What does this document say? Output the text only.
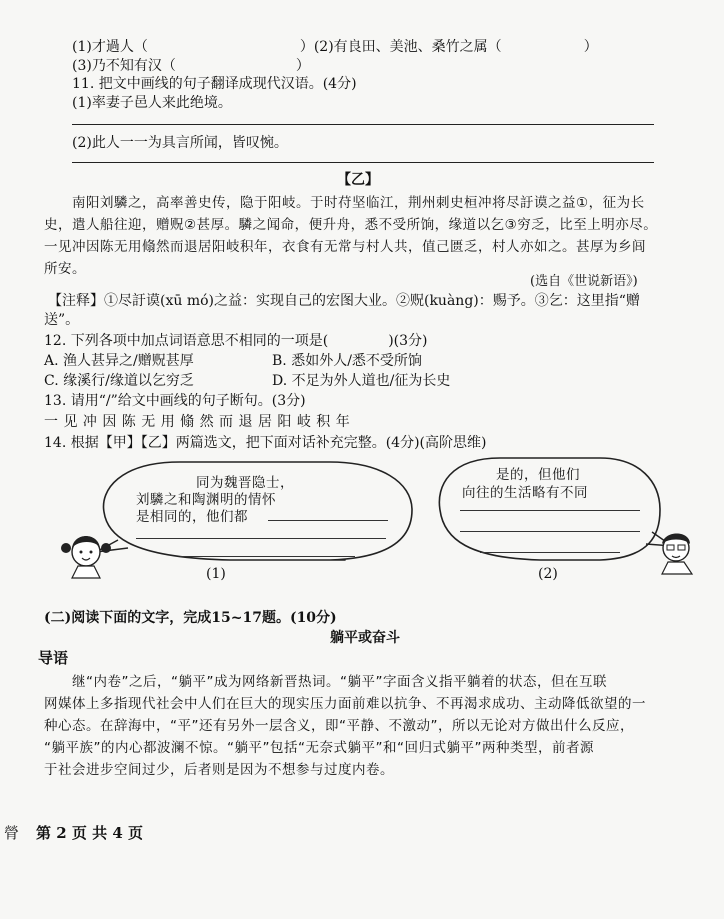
(1)才過人（	）(2)有良田、美池、桑竹之属（	）
(3)乃不知有汉（	）
11. 把文中画线的句子翻译成现代汉语。(4分)
(1)率妻子邑人来此绝境。
(2)此人一一为具言所闻，皆叹惋。
【乙】
南阳刘驎之，高率善史传，隐于阳岐。于时苻坚临江，荆州刺史桓冲将尽訏谟之益①，征为长
史，遣人船往迎，赠贶②甚厚。驎之闻命，便升舟，悉不受所饷，缘道以乞③穷乏，比至上明亦尽。
一见冲因陈无用翛然而退居阳岐积年，衣食有无常与村人共，值己匮乏，村人亦如之。甚厚为乡闾
所安。
(选自《世说新语》)
【注释】①尽訏谟(xū mó)之益：实现自己的宏图大业。②贶(kuàng)：赐予。③乞：这里指“赠
送”。
12. 下列各项中加点词语意思不相同的一项是(	)(3分)
A. 渔人甚异之/赠贶甚厚	B. 悉如外人/悉不受所饷
C. 缘溪行/缘道以乞穷乏	D. 不足为外人道也/征为长史
13. 请用“/”给文中画线的句子断句。(3分)
一 见 冲 因 陈 无 用 翛 然 而 退 居 阳 岐 积 年
14. 根据【甲】【乙】两篇选文，把下面对话补充完整。(4分)(高阶思维)
同为魏晋隐士，
刘驎之和陶渊明的情怀
是相同的，他们都
是的，但他们
向往的生活略有不同
(1)	(2)
(二)阅读下面的文字，完成15~17题。(10分)
躺平或奋斗
导语
继“内卷”之后，“躺平”成为网络新晋热词。“躺平”字面含义指平躺着的状态，但在互联
网媒体上多指现代社会中人们在巨大的现实压力面前难以抗争、不再渴求成功、主动降低欲望的一
种心态。在辞海中，“平”还有另外一层含义，即“平静、不激动”，所以无论对方做出什么反应，
“躺平族”的内心都波澜不惊。“躺平”包括“无奈式躺平”和“回归式躺平”两种类型，前者源
于社会进步空间过少，后者则是因为不想参与过度内卷。
膋 第 2 页 共 4 页
